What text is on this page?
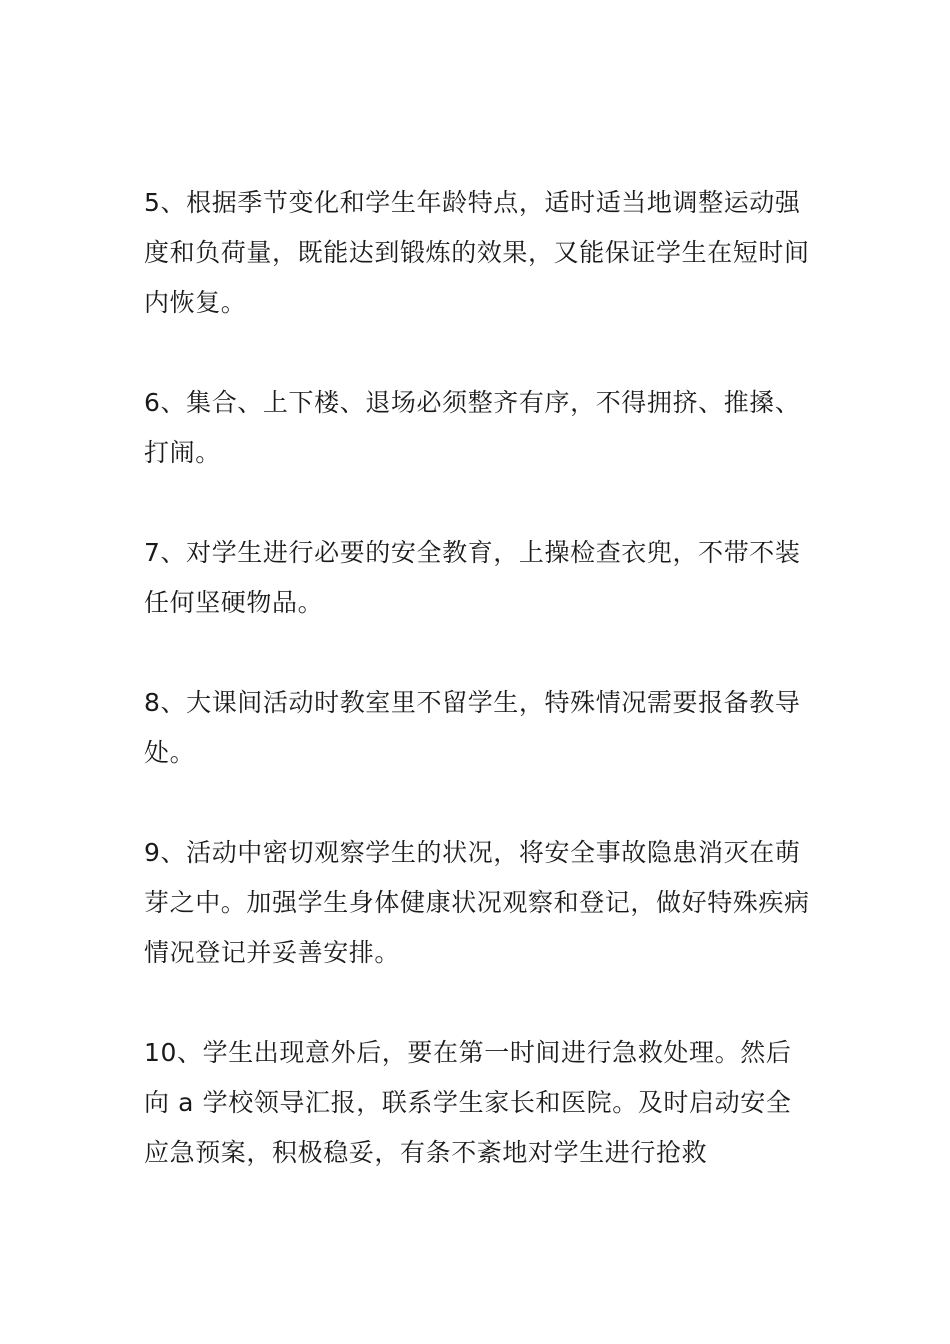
5、根据季节变化和学生年龄特点，适时适当地调整运动强度和负荷量，既能达到锻炼的效果，又能保证学生在短时间内恢复。

6、集合、上下楼、退场必须整齐有序，不得拥挤、推搡、打闹。

7、对学生进行必要的安全教育，上操检查衣兜，不带不装任何坚硬物品。

8、大课间活动时教室里不留学生，特殊情况需要报备教导处。

9、活动中密切观察学生的状况，将安全事故隐患消灭在萌芽之中。加强学生身体健康状况观察和登记，做好特殊疾病情况登记并妥善安排。

10、学生出现意外后，要在第一时间进行急救处理。然后向 a 学校领导汇报，联系学生家长和医院。及时启动安全应急预案，积极稳妥，有条不紊地对学生进行抢救
